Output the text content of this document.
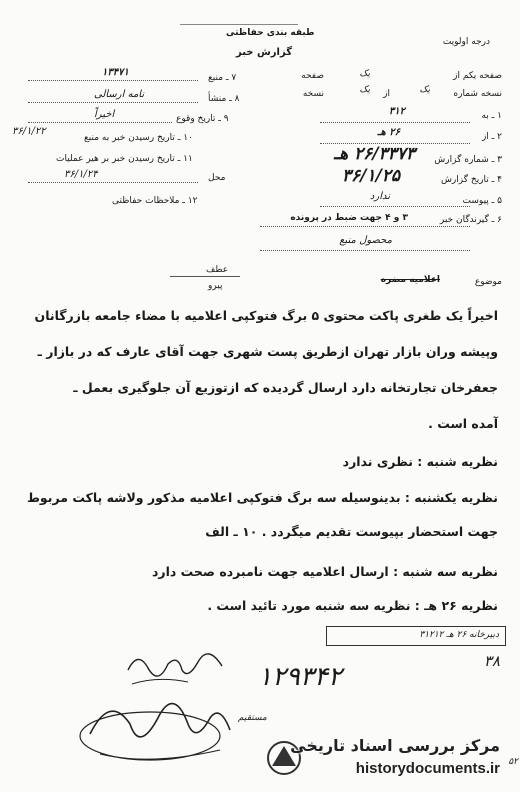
درجه اولویت
طبقه بندی حفاظتی
گزارش خبر
صفحه یکم از
یک
صفحه
نسخه شماره
یک
از
یک
نسخه
۱ ـ به
۳۱۲
۲ ـ از
۲۶ هـ
۳ ـ شماره گزارش
۲۶/۳۳۷۳ هـ
۴ ـ تاریخ گزارش
۳۶/۱/۲۵
۵ ـ پیوست
ندارد
۶ ـ گیرندگان خبر
۳ و ۴ جهت ضبط در پرونده
محصول منبع
۷ ـ منبع
۱۳۴۷۱
۸ ـ منشأ
نامه ارسالی
۹ ـ تاریخ وقوع
اخیراً
۱۰ ـ تاریخ رسیدن خبر به منبع
۳۶/۱/۲۲
۱۱ ـ تاریخ رسیدن خبر بر هیر عملیات
محل
۳۶/۱/۲۴
۱۲ ـ ملاحظات حفاظتی
عطف
پیرو	موضوع
اعلامیه مضره
اخیراً یک طغری پاکت محتوی ۵ برگ فتوکپی اعلامیه با مضاء جامعه بازرگانان
وپیشه وران بازار تهران ازطریق پست شهری جهت آقای عارف که در بازار ـ
جعفرخان تجارتخانه دارد ارسال گردیده که ازتوزیع آن جلوگیری بعمل ـ
آمده است .
نظریه شنبه : نظری ندارد
نظریه یکشنبه : بدینوسیله سه برگ فتوکپی اعلامیه مذکور ولاشه پاکت مربوط
جهت استحضار بپیوست تقدیم میگردد . ۱۰ ـ الف
نظریه سه شنبه : ارسال اعلامیه جهت نامبرده صحت دارد
نظریه ۲۶ هـ : نظریه سه شنبه مورد تائید است .
دبیرخانه ۲۶ هـ ۳۱۲۱۲
۳۸
۱۲۹۳۴۲
مستقیم
مرکز بررسی اسناد تاریخی
historydocuments.ir ۵۲
